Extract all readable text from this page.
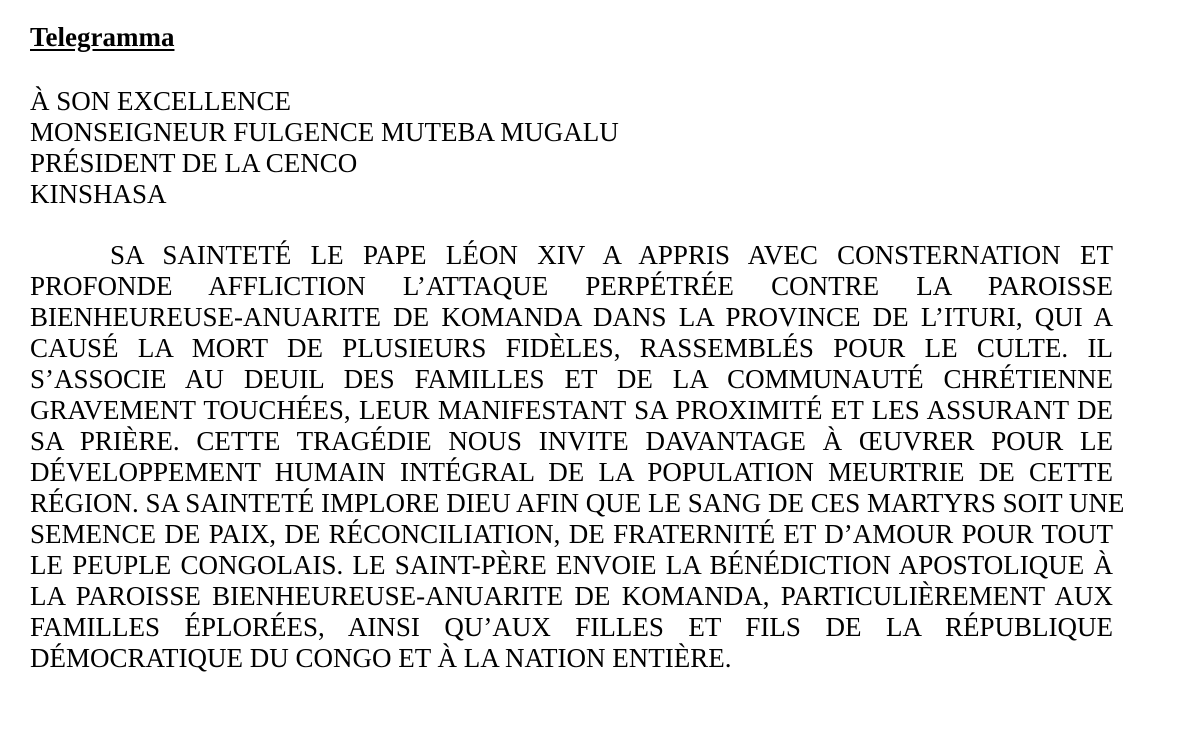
Telegramma
À SON EXCELLENCE
MONSEIGNEUR FULGENCE MUTEBA MUGALU
PRÉSIDENT DE LA CENCO
KINSHASA
SA SAINTETÉ LE PAPE LÉON XIV A APPRIS AVEC CONSTERNATION ET
PROFONDE AFFLICTION L’ATTAQUE PERPÉTRÉE CONTRE LA PAROISSE
BIENHEUREUSE-ANUARITE DE KOMANDA DANS LA PROVINCE DE L’ITURI, QUI A
CAUSÉ LA MORT DE PLUSIEURS FIDÈLES, RASSEMBLÉS POUR LE CULTE. IL
S’ASSOCIE AU DEUIL DES FAMILLES ET DE LA COMMUNAUTÉ CHRÉTIENNE
GRAVEMENT TOUCHÉES, LEUR MANIFESTANT SA PROXIMITÉ ET LES ASSURANT DE
SA PRIÈRE. CETTE TRAGÉDIE NOUS INVITE DAVANTAGE À ŒUVRER POUR LE
DÉVELOPPEMENT HUMAIN INTÉGRAL DE LA POPULATION MEURTRIE DE CETTE
RÉGION. SA SAINTETÉ IMPLORE DIEU AFIN QUE LE SANG DE CES MARTYRS SOIT UNE
SEMENCE DE PAIX, DE RÉCONCILIATION, DE FRATERNITÉ ET D’AMOUR POUR TOUT
LE PEUPLE CONGOLAIS. LE SAINT-PÈRE ENVOIE LA BÉNÉDICTION APOSTOLIQUE À
LA PAROISSE BIENHEUREUSE-ANUARITE DE KOMANDA, PARTICULIÈREMENT AUX
FAMILLES ÉPLORÉES, AINSI QU’AUX FILLES ET FILS DE LA RÉPUBLIQUE
DÉMOCRATIQUE DU CONGO ET À LA NATION ENTIÈRE.
